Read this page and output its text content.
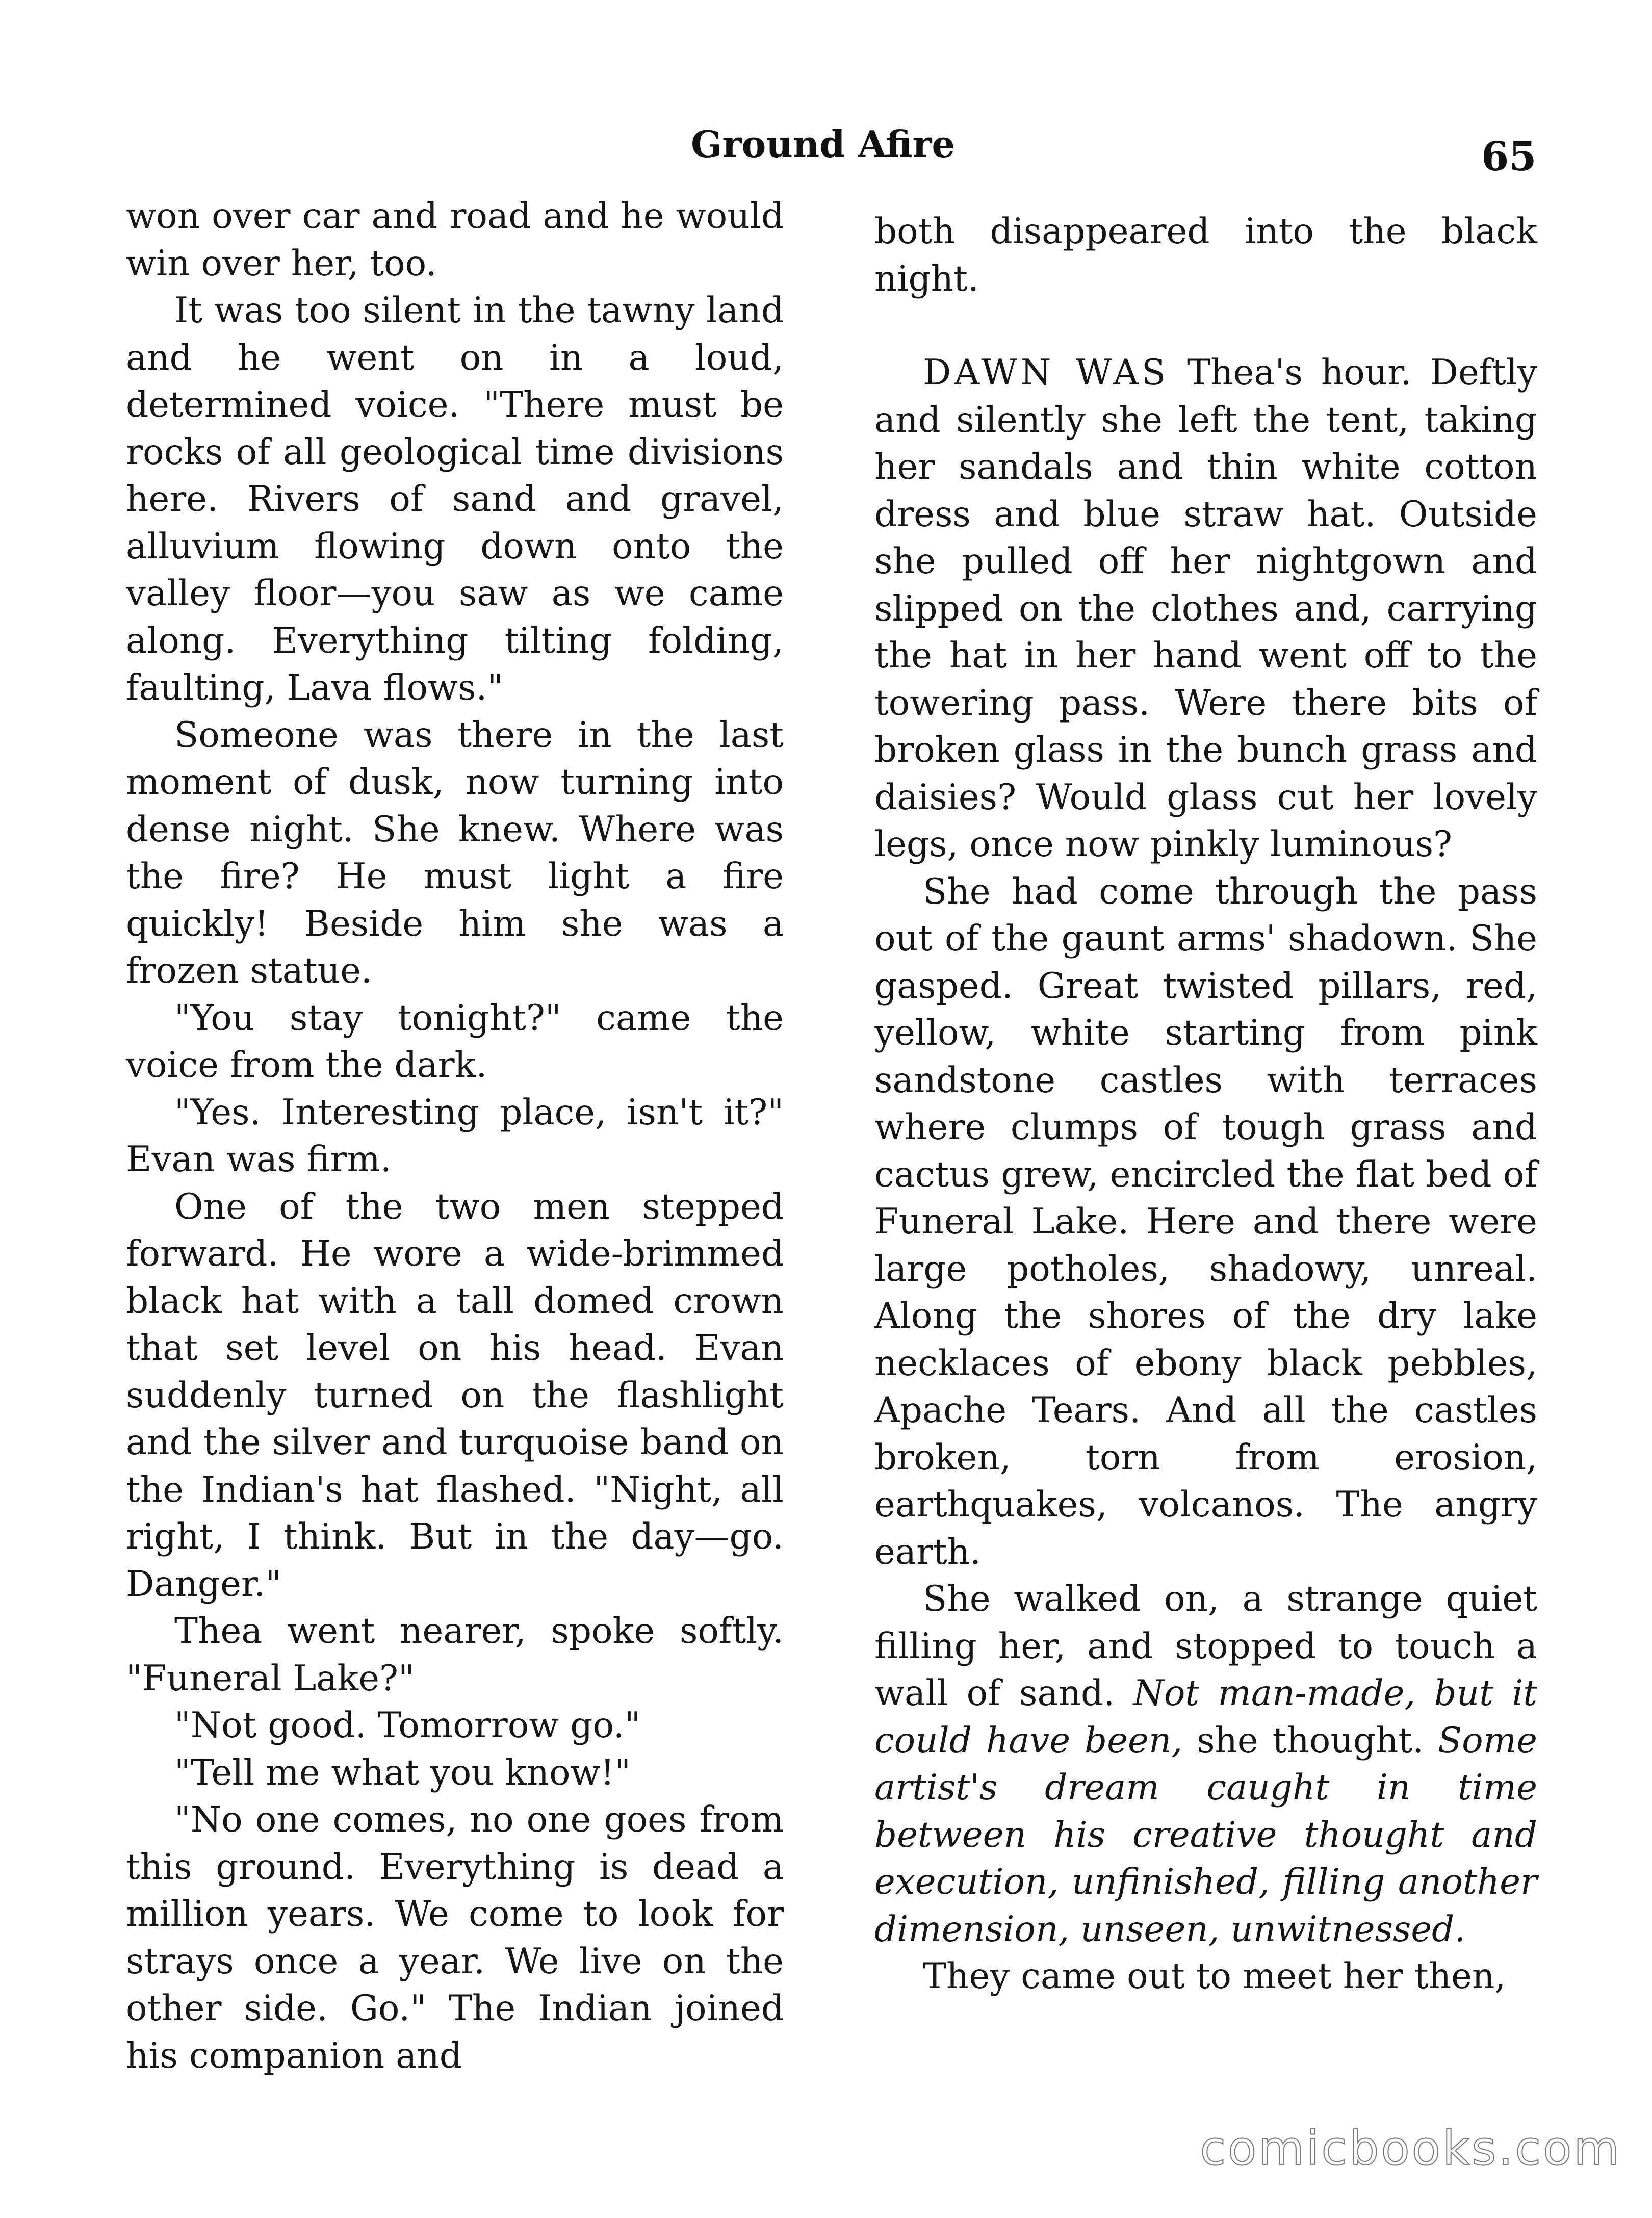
Ground Afire	65

won over car and road and he would win over her, too.

It was too silent in the tawny land and he went on in a loud, determined voice. "There must be rocks of all geological time divisions here. Rivers of sand and gravel, alluvium flowing down onto the valley floor—you saw as we came along. Everything tilting folding, faulting, Lava flows."

Someone was there in the last moment of dusk, now turning into dense night. She knew. Where was the fire? He must light a fire quickly! Beside him she was a frozen statue.

"You stay tonight?" came the voice from the dark.

"Yes. Interesting place, isn't it?" Evan was firm.

One of the two men stepped forward. He wore a wide-brimmed black hat with a tall domed crown that set level on his head. Evan suddenly turned on the flashlight and the silver and turquoise band on the Indian's hat flashed. "Night, all right, I think. But in the day—go. Danger."

Thea went nearer, spoke softly. "Funeral Lake?"

"Not good. Tomorrow go."

"Tell me what you know!"

"No one comes, no one goes from this ground. Everything is dead a million years. We come to look for strays once a year. We live on the other side. Go." The Indian joined his companion and

both disappeared into the black night.

DAWN WAS Thea's hour. Deftly and silently she left the tent, taking her sandals and thin white cotton dress and blue straw hat. Outside she pulled off her nightgown and slipped on the clothes and, carrying the hat in her hand went off to the towering pass. Were there bits of broken glass in the bunch grass and daisies? Would glass cut her lovely legs, once now pinkly luminous?

She had come through the pass out of the gaunt arms' shadown. She gasped. Great twisted pillars, red, yellow, white starting from pink sandstone castles with terraces where clumps of tough grass and cactus grew, encircled the flat bed of Funeral Lake. Here and there were large potholes, shadowy, unreal. Along the shores of the dry lake necklaces of ebony black pebbles, Apache Tears. And all the castles broken, torn from erosion, earthquakes, volcanos. The angry earth.

She walked on, a strange quiet filling her, and stopped to touch a wall of sand. Not man-made, but it could have been, she thought. Some artist's dream caught in time between his creative thought and execution, unfinished, filling another dimension, unseen, unwitnessed.

They came out to meet her then,

comicbooks.com
